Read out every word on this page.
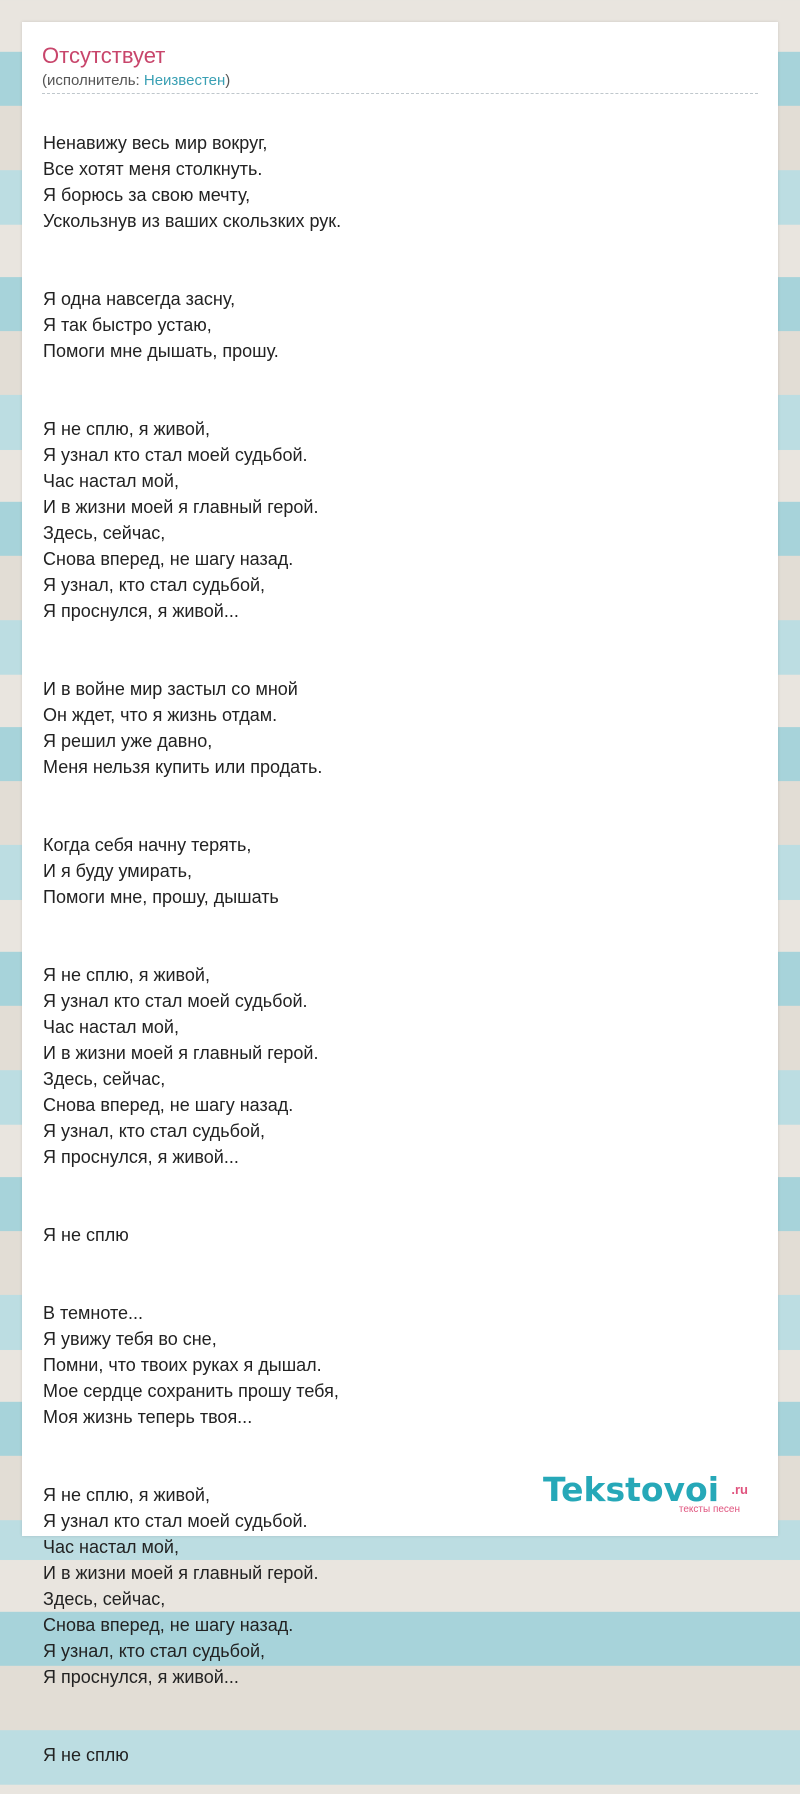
Отсутствует
(исполнитель: Неизвестен)

Ненавижу весь мир вокруг,
Все хотят меня столкнуть.
Я борюсь за свою мечту,
Ускользнув из ваших скользких рук.

Я одна навсегда засну,
Я так быстро устаю,
Помоги мне дышать, прошу.

Я не сплю, я живой,
Я узнал кто стал моей судьбой.
Час настал мой,
И в жизни моей я главный герой.
Здесь, сейчас,
Снова вперед, не шагу назад.
Я узнал, кто стал судьбой,
Я проснулся, я живой...

И в войне мир застыл со мной
Он ждет, что я жизнь отдам.
Я решил уже давно,
Меня нельзя купить или продать.

Когда себя начну терять,
И я буду умирать,
Помоги мне, прошу, дышать

Я не сплю, я живой,
Я узнал кто стал моей судьбой.
Час настал мой,
И в жизни моей я главный герой.
Здесь, сейчас,
Снова вперед, не шагу назад.
Я узнал, кто стал судьбой,
Я проснулся, я живой...

Я не сплю

В темноте...
Я увижу тебя во сне,
Помни, что твоих руках я дышал.
Мое сердце сохранить прошу тебя,
Моя жизнь теперь твоя...

Я не сплю, я живой,
Я узнал кто стал моей судьбой.
Час настал мой,
И в жизни моей я главный герой.
Здесь, сейчас,
Снова вперед, не шагу назад.
Я узнал, кто стал судьбой,
Я проснулся, я живой...

Я не сплю

Tekstovoi .ru
тексты песен
